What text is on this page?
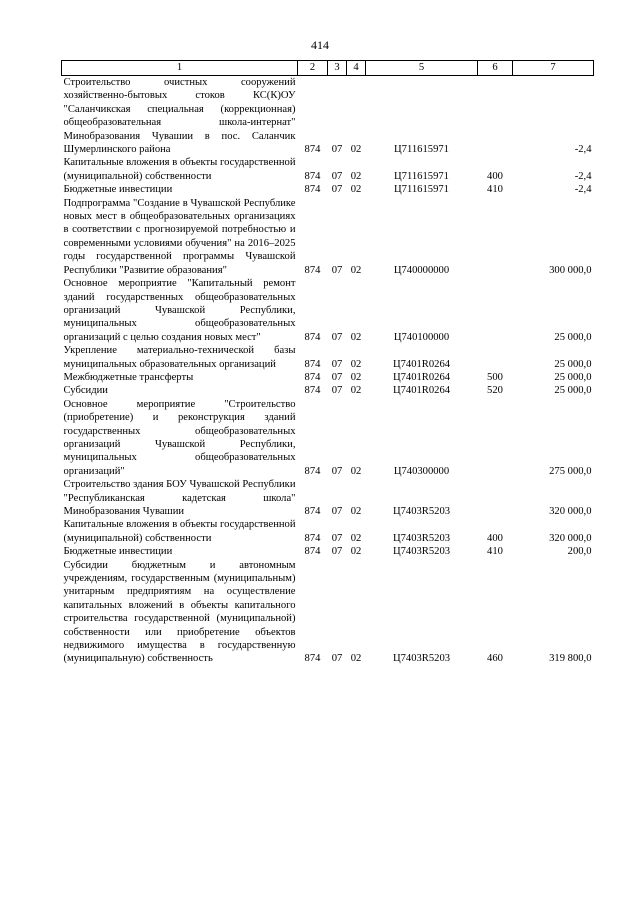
414
1	2	3	4	5	6	7
Строительство очистных сооружений хозяйственно-бытовых стоков КС(К)ОУ "Саланчикская специальная (коррекционная) общеобразовательная школа-интернат" Минобразования Чувашии в пос. Саланчик Шумерлинского района	874	07	02	Ц711615971		-2,4
Капитальные вложения в объекты государственной (муниципальной) собственности	874	07	02	Ц711615971	400	-2,4
Бюджетные инвестиции	874	07	02	Ц711615971	410	-2,4
Подпрограмма "Создание в Чувашской Республике новых мест в общеобразовательных организациях в соответствии с прогнозируемой потребностью и современными условиями обучения" на 2016–2025 годы государственной программы Чувашской Республики "Развитие образования"	874	07	02	Ц740000000		300 000,0
Основное мероприятие "Капитальный ремонт зданий государственных общеобразовательных организаций Чувашской Республики, муниципальных общеобразовательных организаций с целью создания новых мест"	874	07	02	Ц740100000		25 000,0
Укрепление материально-технической базы муниципальных образовательных организаций	874	07	02	Ц7401R0264		25 000,0
Межбюджетные трансферты	874	07	02	Ц7401R0264	500	25 000,0
Субсидии	874	07	02	Ц7401R0264	520	25 000,0
Основное мероприятие "Строительство (приобретение) и реконструкция зданий государственных общеобразовательных организаций Чувашской Республики, муниципальных общеобразовательных организаций"	874	07	02	Ц740300000		275 000,0
Строительство здания БОУ Чувашской Республики "Республиканская кадетская школа" Минобразования Чувашии	874	07	02	Ц7403R5203		320 000,0
Капитальные вложения в объекты государственной (муниципальной) собственности	874	07	02	Ц7403R5203	400	320 000,0
Бюджетные инвестиции	874	07	02	Ц7403R5203	410	200,0
Субсидии бюджетным и автономным учреждениям, государственным (муниципальным) унитарным предприятиям на осуществление капитальных вложений в объекты капитального строительства государственной (муниципальной) собственности или приобретение объектов недвижимого имущества в государственную (муниципальную) собственность	874	07	02	Ц7403R5203	460	319 800,0
